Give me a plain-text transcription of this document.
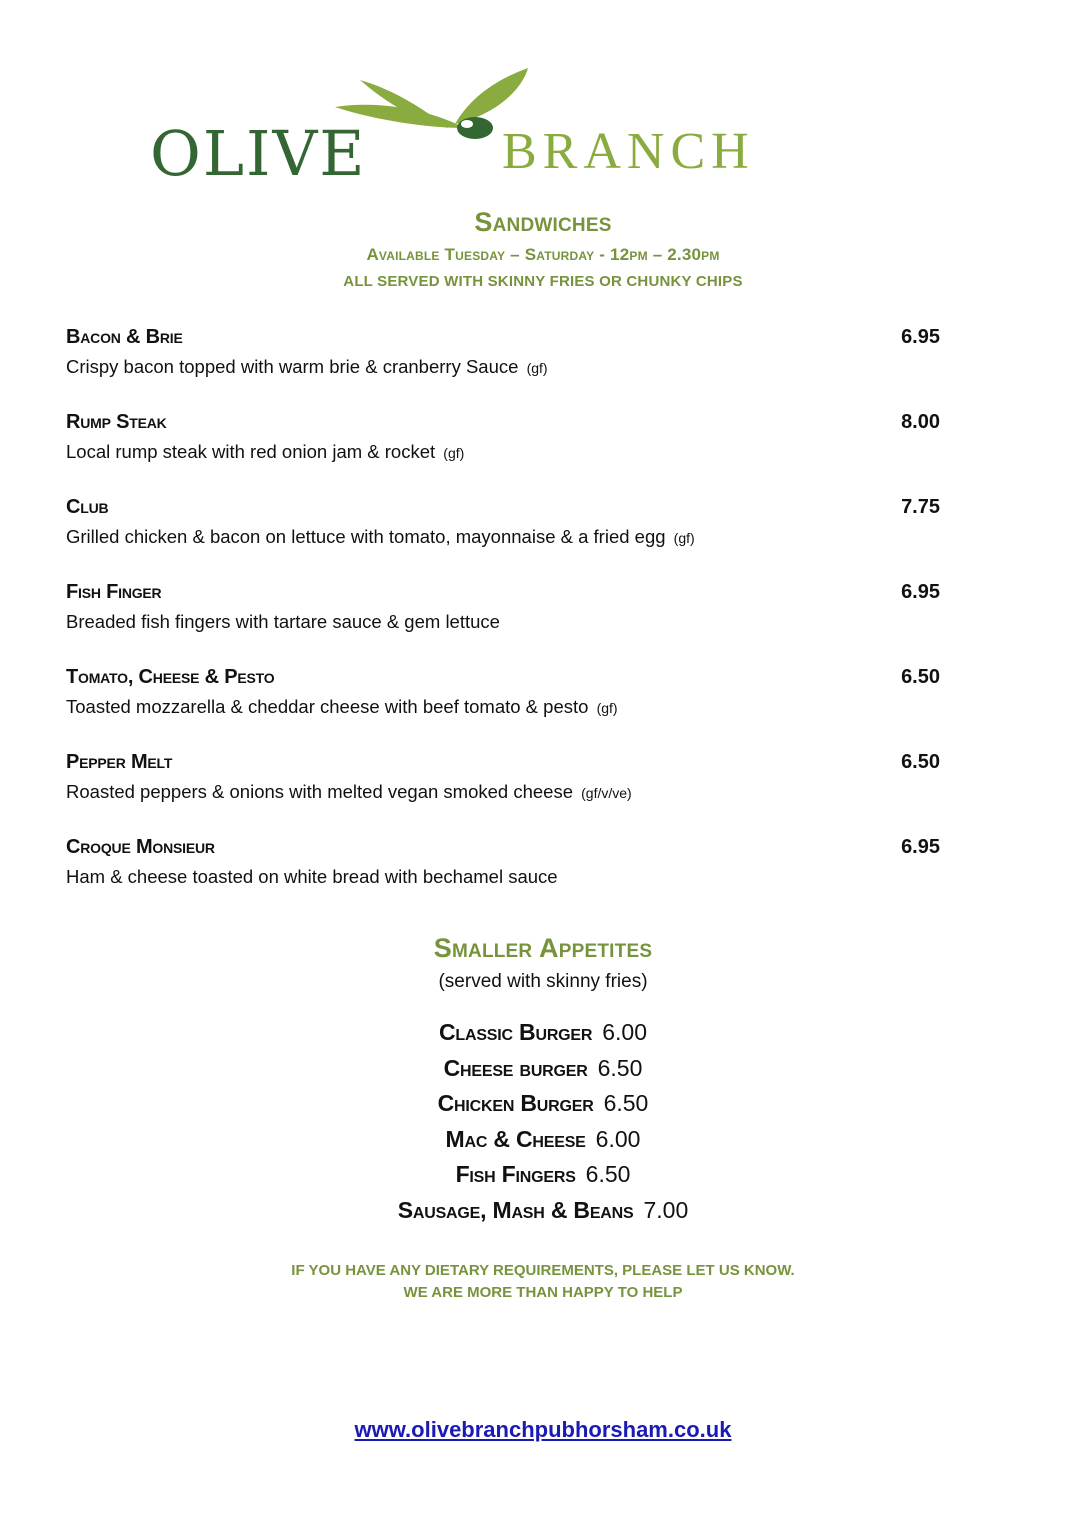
OLIVE	BRANCH
Sandwiches
Available Tuesday – Saturday - 12pm – 2.30pm
ALL SERVED WITH SKINNY FRIES OR CHUNKY CHIPS
Bacon & Brie	6.95
Crispy bacon topped with warm brie & cranberry Sauce (gf)
Rump Steak	8.00
Local rump steak with red onion jam & rocket (gf)
Club	7.75
Grilled chicken & bacon on lettuce with tomato, mayonnaise & a fried egg (gf)
Fish Finger	6.95
Breaded fish fingers with tartare sauce & gem lettuce
Tomato, Cheese & Pesto	6.50
Toasted mozzarella & cheddar cheese with beef tomato & pesto (gf)
Pepper Melt	6.50
Roasted peppers & onions with melted vegan smoked cheese (gf/v/ve)
Croque Monsieur	6.95
Ham & cheese toasted on white bread with bechamel sauce
Smaller Appetites
(served with skinny fries)
Classic Burger 6.00
Cheese burger 6.50
Chicken Burger 6.50
Mac & Cheese 6.00
Fish Fingers 6.50
Sausage, Mash & Beans 7.00
IF YOU HAVE ANY DIETARY REQUIREMENTS, PLEASE LET US KNOW.
WE ARE MORE THAN HAPPY TO HELP
www.olivebranchpubhorsham.co.uk
